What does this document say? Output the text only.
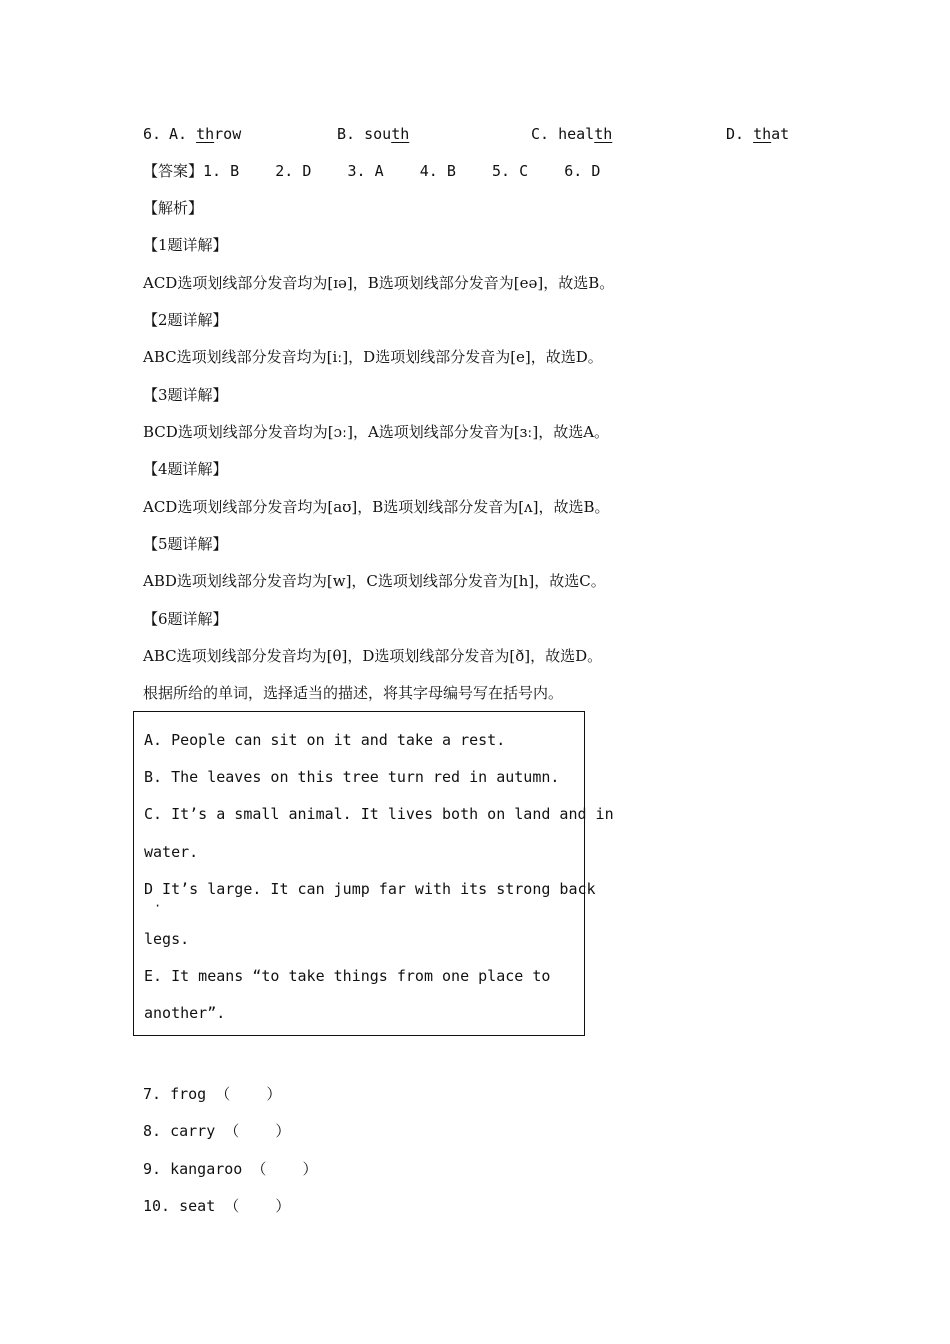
6. A. throw	B. south	C. health	D. that
【答案】1. B 2. D 3. A 4. B 5. C 6. D
【解析】
【1题详解】
ACD选项划线部分发音均为[ɪə]，B选项划线部分发音为[eə]，故选B。
【2题详解】
ABC选项划线部分发音均为[iː]，D选项划线部分发音为[e]，故选D。
【3题详解】
BCD选项划线部分发音均为[ɔː]，A选项划线部分发音为[ɜː]，故选A。
【4题详解】
ACD选项划线部分发音均为[aʊ]，B选项划线部分发音为[ʌ]，故选B。
【5题详解】
ABD选项划线部分发音均为[w]，C选项划线部分发音为[h]，故选C。
【6题详解】
ABC选项划线部分发音均为[θ]，D选项划线部分发音为[ð]，故选D。
根据所给的单词，选择适当的描述，将其字母编号写在括号内。
A. People can sit on it and take a rest.
B. The leaves on this tree turn red in autumn.
C. It’s a small animal. It lives both on land and in
water.
D It’s large. It can jump far with its strong back
·
legs.
E. It means “to take things from one place to
another”.
7. frog （    ）
8. carry （    ）
9. kangaroo （    ）
10. seat （    ）
